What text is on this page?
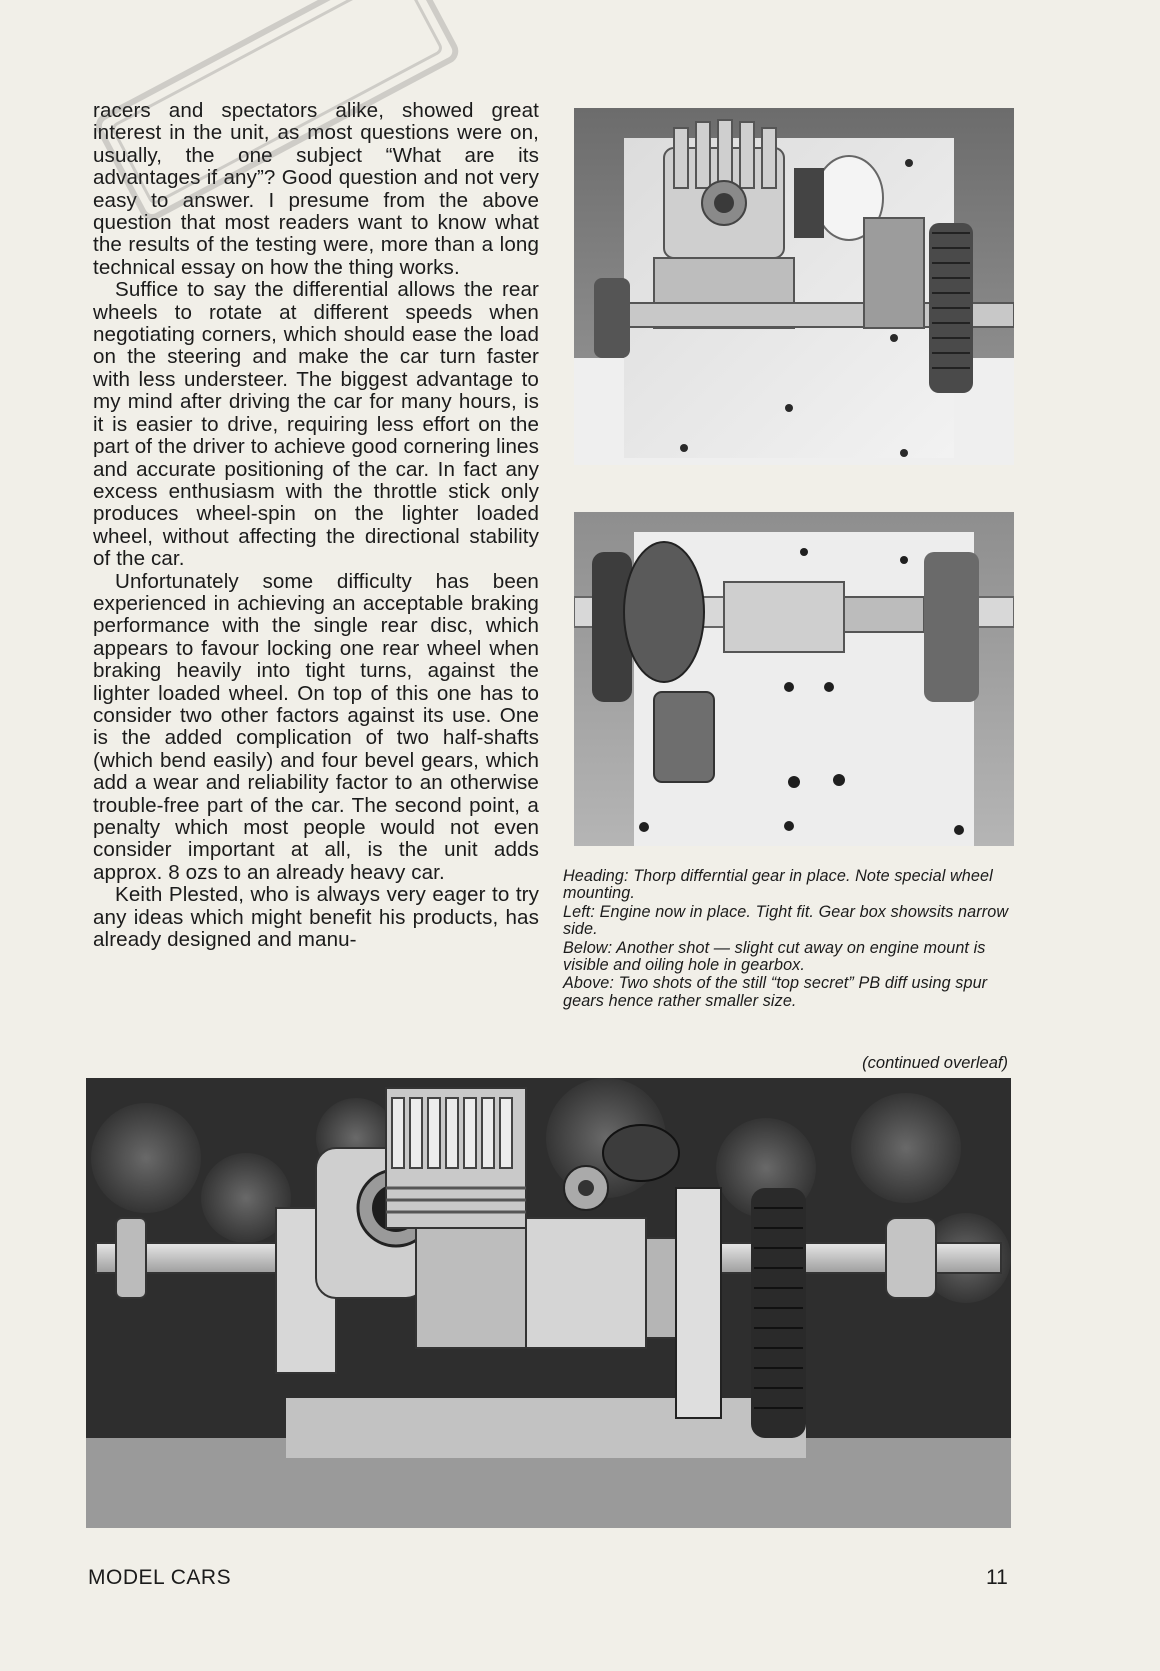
racers and spectators alike, showed great interest in the unit, as most questions were on, usually, the one subject “What are its advantages if any”? Good question and not very easy to answer. I presume from the above question that most readers want to know what the results of the testing were, more than a long technical essay on how the thing works.

Suffice to say the differential allows the rear wheels to rotate at different speeds when negotiating corners, which should ease the load on the steering and make the car turn faster with less understeer. The biggest advantage to my mind after driving the car for many hours, is it is easier to drive, requiring less effort on the part of the driver to achieve good cornering lines and accurate positioning of the car. In fact any excess enthusiasm with the throttle stick only produces wheel-spin on the lighter loaded wheel, without affecting the directional stability of the car.

Unfortunately some difficulty has been experienced in achieving an acceptable braking performance with the single rear disc, which appears to favour locking one rear wheel when braking heavily into tight turns, against the lighter loaded wheel. On top of this one has to consider two other factors against its use. One is the added complication of two half-shafts (which bend easily) and four bevel gears, which add a wear and reliability factor to an otherwise trouble-free part of the car. The second point, a penalty which most people would not even consider important at all, is the unit adds approx. 8 ozs to an already heavy car.

Keith Plested, who is always very eager to try any ideas which might benefit his products, has already designed and manu-

Heading: Thorp differntial gear in place. Note special wheel mounting.

Left: Engine now in place. Tight fit. Gear box showsits narrow side.

Below: Another shot — slight cut away on engine mount is visible and oiling hole in gearbox.

Above: Two shots of the still “top secret” PB diff using spur gears hence rather smaller size.

(continued overleaf)
MODEL CARS	11
